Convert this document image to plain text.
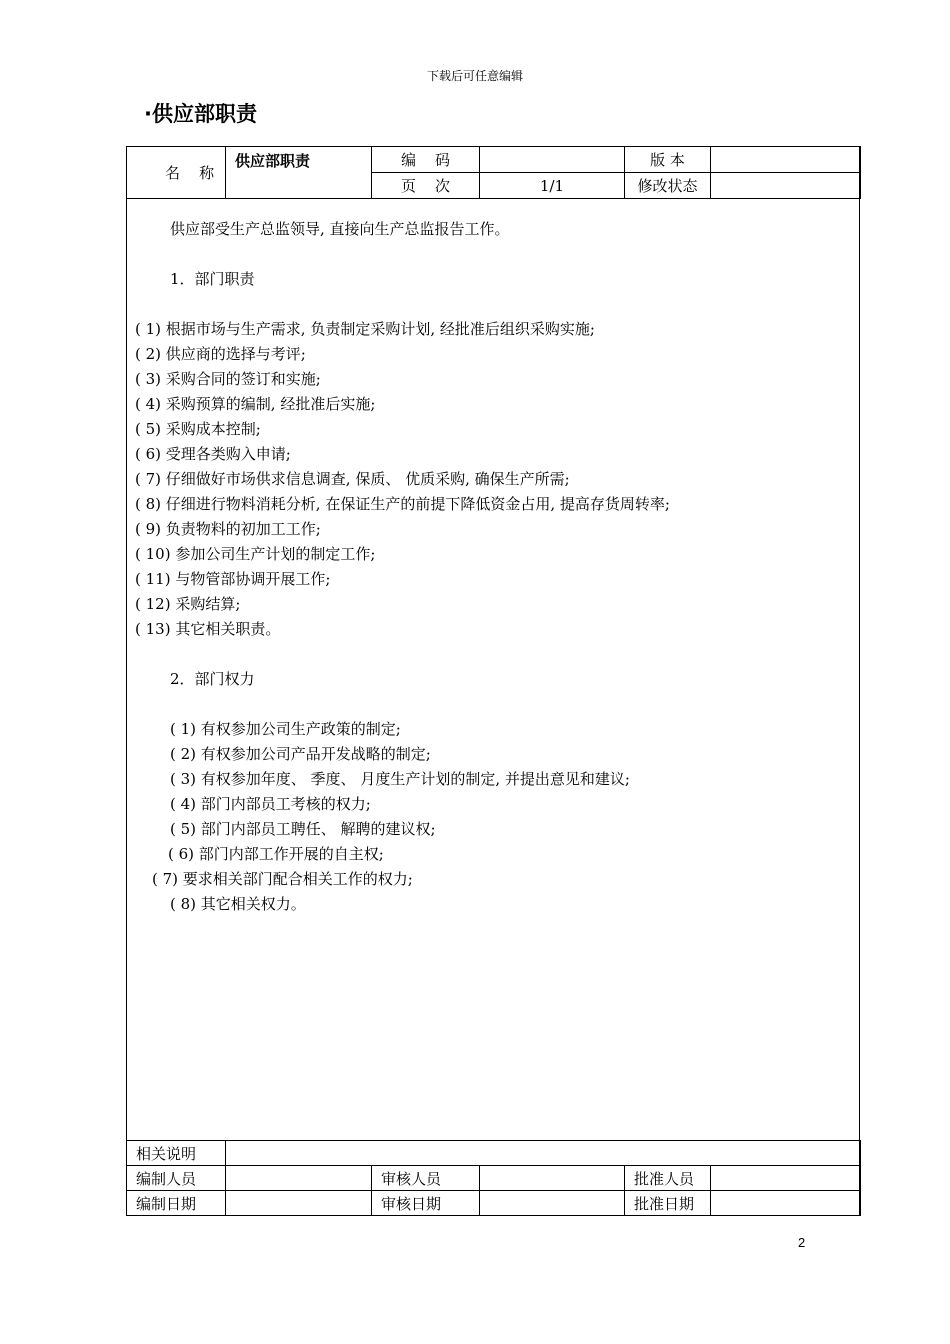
下载后可任意编辑
·供应部职责
名    称	供应部职责	编    码		版 本	
		页    次	1/1	修改状态	
供应部受生产总监领导, 直接向生产总监报告工作。
1．部门职责
( 1) 根据市场与生产需求, 负责制定采购计划, 经批准后组织采购实施;
( 2) 供应商的选择与考评;
( 3) 采购合同的签订和实施;
( 4) 采购预算的编制, 经批准后实施;
( 5) 采购成本控制;
( 6) 受理各类购入申请;
( 7) 仔细做好市场供求信息调查, 保质、 优质采购, 确保生产所需;
( 8) 仔细进行物料消耗分析, 在保证生产的前提下降低资金占用, 提高存货周转率;
( 9) 负责物料的初加工工作;
( 10) 参加公司生产计划的制定工作;
( 11) 与物管部协调开展工作;
( 12) 采购结算;
( 13) 其它相关职责。
2．部门权力
( 1) 有权参加公司生产政策的制定;
( 2) 有权参加公司产品开发战略的制定;
( 3) 有权参加年度、 季度、 月度生产计划的制定, 并提出意见和建议;
( 4) 部门内部员工考核的权力;
( 5) 部门内部员工聘任、 解聘的建议权;
( 6) 部门内部工作开展的自主权;
( 7) 要求相关部门配合相关工作的权力;
( 8) 其它相关权力。
相关说明					
编制人员		审核人员		批准人员	
编制日期		审核日期		批准日期	
2
